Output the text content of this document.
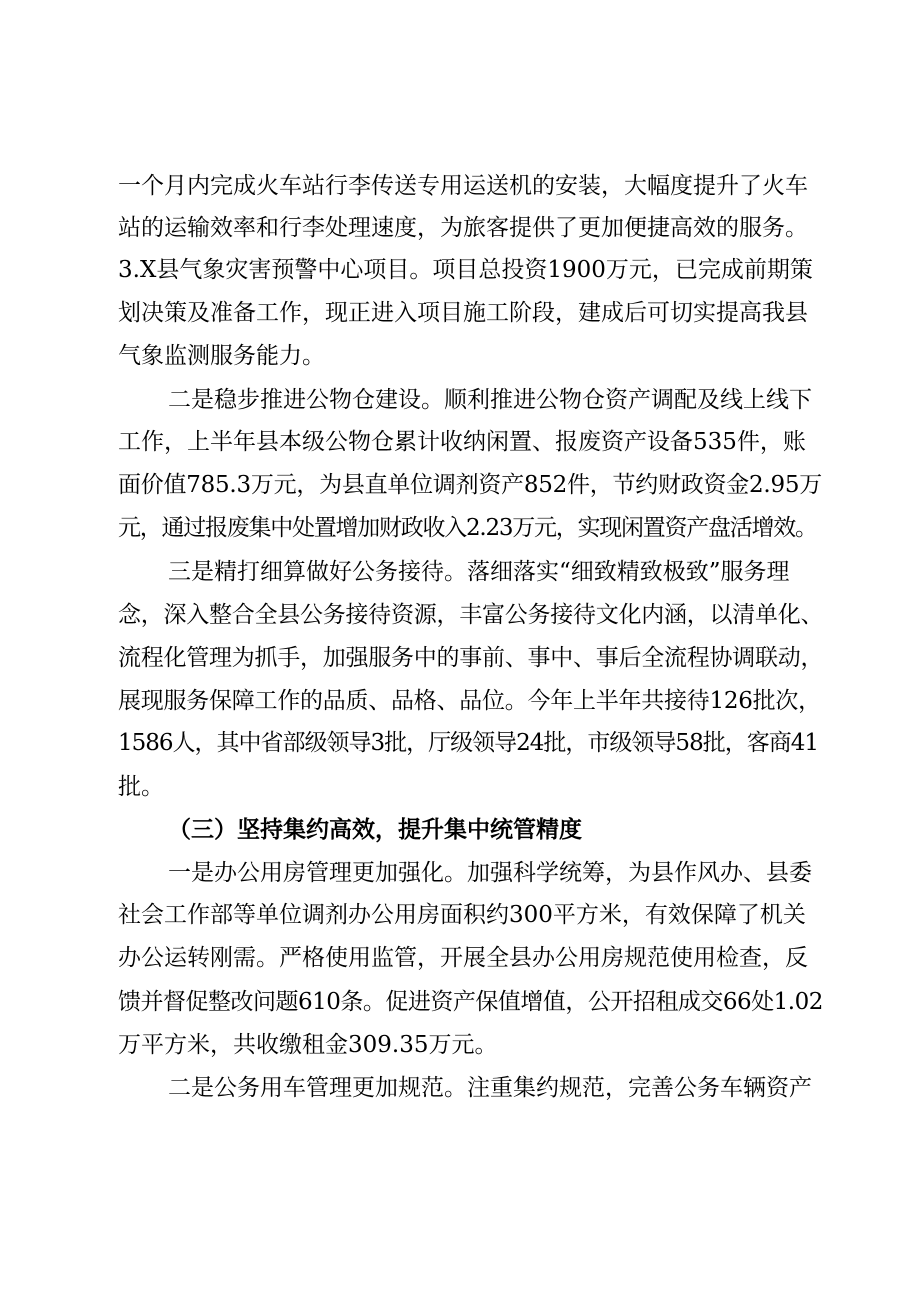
一个月内完成火车站行李传送专用运送机的安装，大幅度提升了火车
站的运输效率和行李处理速度，为旅客提供了更加便捷高效的服务。
3.X县气象灾害预警中心项目。项目总投资1900万元，已完成前期策
划决策及准备工作，现正进入项目施工阶段，建成后可切实提高我县
气象监测服务能力。
二是稳步推进公物仓建设。顺利推进公物仓资产调配及线上线下
工作，上半年县本级公物仓累计收纳闲置、报废资产设备535件，账
面价值785.3万元，为县直单位调剂资产852件，节约财政资金2.95万
元，通过报废集中处置增加财政收入2.23万元，实现闲置资产盘活增效。
三是精打细算做好公务接待。落细落实“细致精致极致”服务理
念，深入整合全县公务接待资源，丰富公务接待文化内涵，以清单化、
流程化管理为抓手，加强服务中的事前、事中、事后全流程协调联动，
展现服务保障工作的品质、品格、品位。今年上半年共接待126批次，
1586人，其中省部级领导3批，厅级领导24批，市级领导58批，客商41
批。
（三）坚持集约高效，提升集中统管精度
一是办公用房管理更加强化。加强科学统筹，为县作风办、县委
社会工作部等单位调剂办公用房面积约300平方米，有效保障了机关
办公运转刚需。严格使用监管，开展全县办公用房规范使用检查，反
馈并督促整改问题610条。促进资产保值增值，公开招租成交66处1.02
万平方米，共收缴租金309.35万元。
二是公务用车管理更加规范。注重集约规范，完善公务车辆资产
